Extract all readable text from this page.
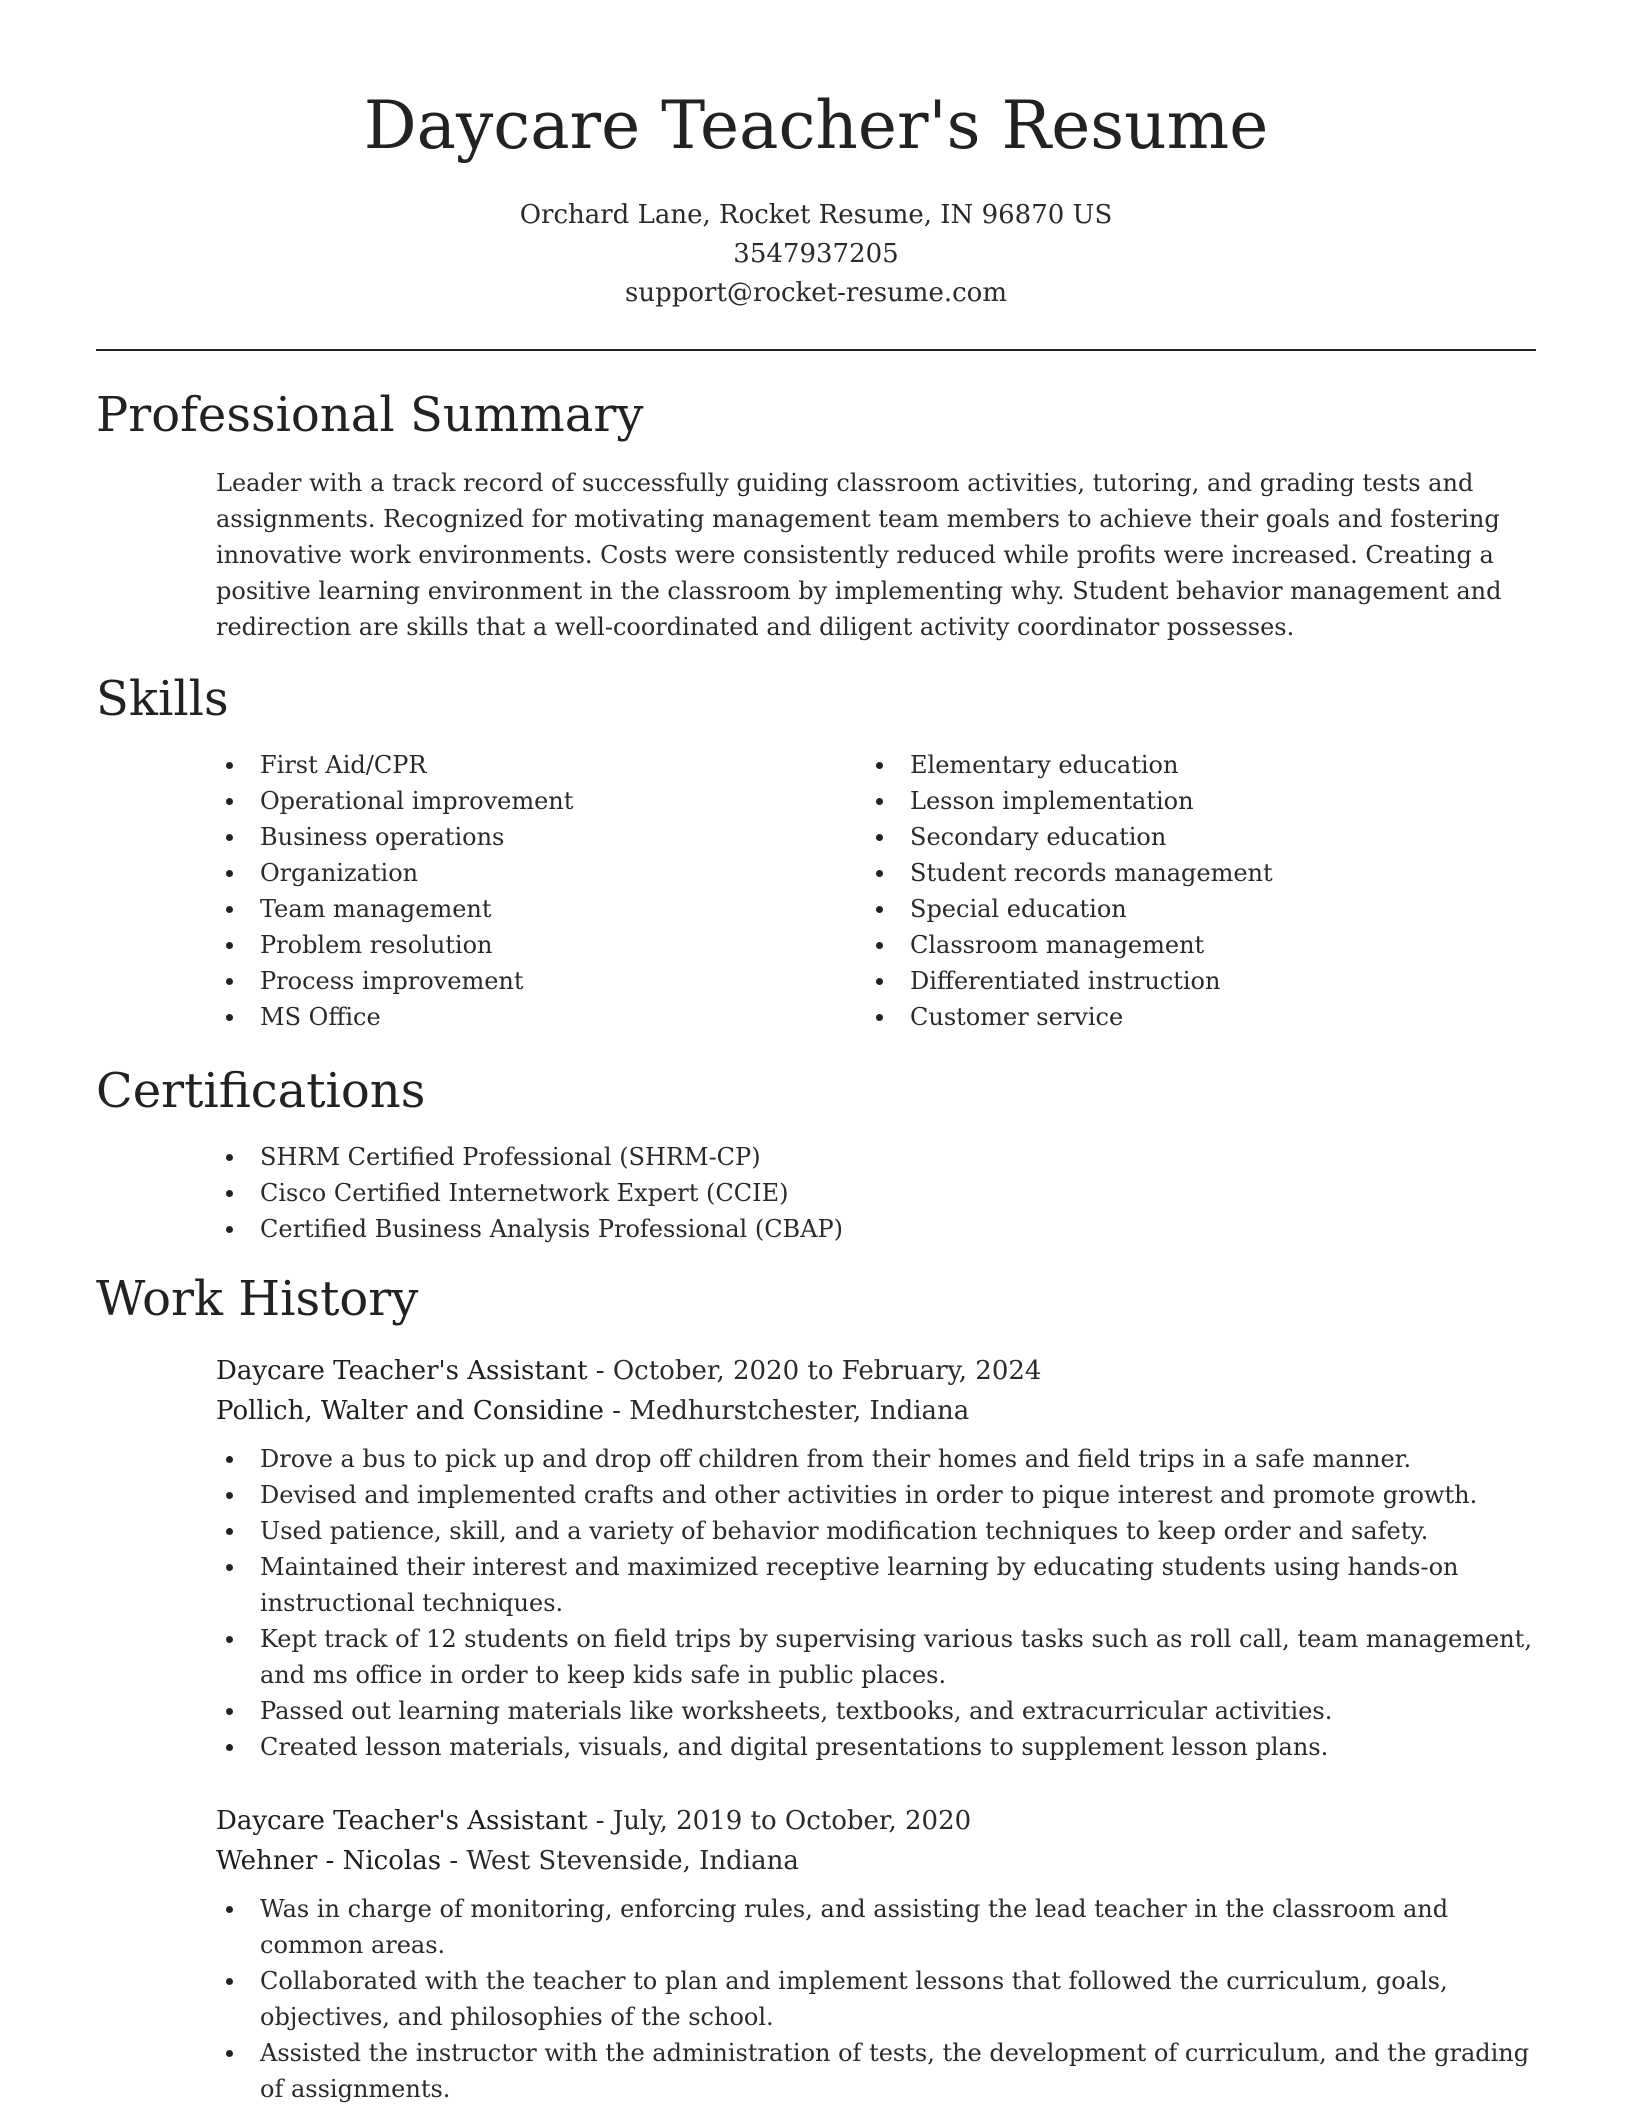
Daycare Teacher's Resume
Orchard Lane, Rocket Resume, IN 96870 US
3547937205
support@rocket-resume.com
Professional Summary

Leader with a track record of successfully guiding classroom activities, tutoring, and grading tests and assignments. Recognized for motivating management team members to achieve their goals and fostering innovative work environments. Costs were consistently reduced while profits were increased. Creating a positive learning environment in the classroom by implementing why. Student behavior management and redirection are skills that a well-coordinated and diligent activity coordinator possesses.

Skills
First Aid/CPR
Operational improvement
Business operations
Organization
Team management
Problem resolution
Process improvement
MS Office
Elementary education
Lesson implementation
Secondary education
Student records management
Special education
Classroom management
Differentiated instruction
Customer service
Certifications
SHRM Certified Professional (SHRM-CP)
Cisco Certified Internetwork Expert (CCIE)
Certified Business Analysis Professional (CBAP)
Work History
Daycare Teacher's Assistant - October, 2020 to February, 2024
Pollich, Walter and Considine - Medhurstchester, Indiana
Drove a bus to pick up and drop off children from their homes and field trips in a safe manner.
Devised and implemented crafts and other activities in order to pique interest and promote growth.
Used patience, skill, and a variety of behavior modification techniques to keep order and safety.
Maintained their interest and maximized receptive learning by educating students using hands-on instructional techniques.
Kept track of 12 students on field trips by supervising various tasks such as roll call, team management, and ms office in order to keep kids safe in public places.
Passed out learning materials like worksheets, textbooks, and extracurricular activities.
Created lesson materials, visuals, and digital presentations to supplement lesson plans.
Daycare Teacher's Assistant - July, 2019 to October, 2020
Wehner - Nicolas - West Stevenside, Indiana
Was in charge of monitoring, enforcing rules, and assisting the lead teacher in the classroom and common areas.
Collaborated with the teacher to plan and implement lessons that followed the curriculum, goals, objectives, and philosophies of the school.
Assisted the instructor with the administration of tests, the development of curriculum, and the grading of assignments.
